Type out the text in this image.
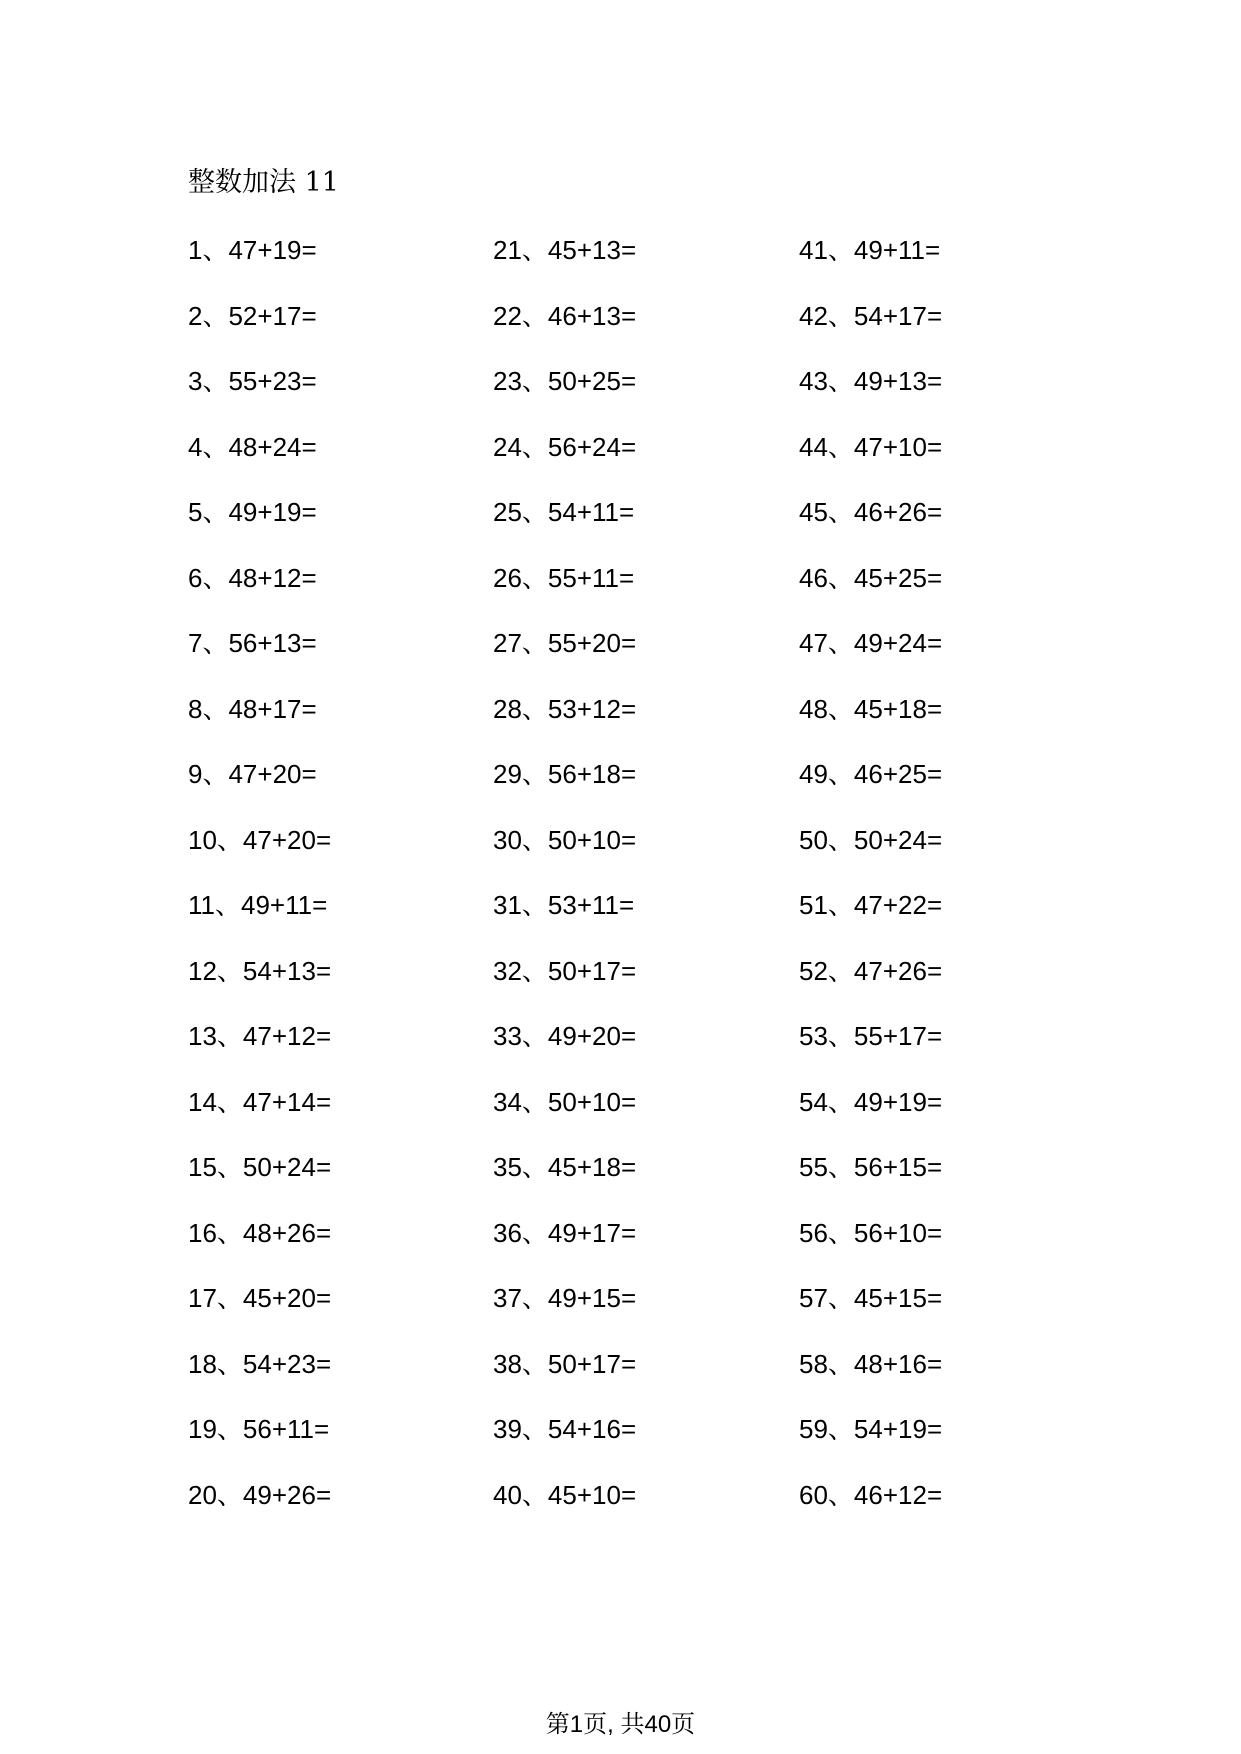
整数加法 11
1、47+19=
2、52+17=
3、55+23=
4、48+24=
5、49+19=
6、48+12=
7、56+13=
8、48+17=
9、47+20=
10、47+20=
11、49+11=
12、54+13=
13、47+12=
14、47+14=
15、50+24=
16、48+26=
17、45+20=
18、54+23=
19、56+11=
20、49+26=
21、45+13=
22、46+13=
23、50+25=
24、56+24=
25、54+11=
26、55+11=
27、55+20=
28、53+12=
29、56+18=
30、50+10=
31、53+11=
32、50+17=
33、49+20=
34、50+10=
35、45+18=
36、49+17=
37、49+15=
38、50+17=
39、54+16=
40、45+10=
41、49+11=
42、54+17=
43、49+13=
44、47+10=
45、46+26=
46、45+25=
47、49+24=
48、45+18=
49、46+25=
50、50+24=
51、47+22=
52、47+26=
53、55+17=
54、49+19=
55、56+15=
56、56+10=
57、45+15=
58、48+16=
59、54+19=
60、46+12=
第1页, 共40页
